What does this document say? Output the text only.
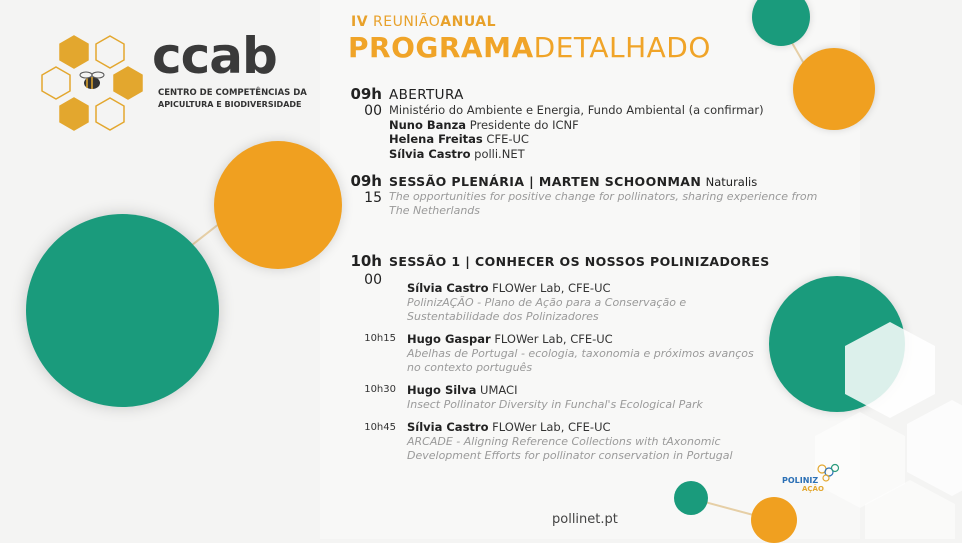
ccab
CENTRO DE COMPETÊNCIAS DA
APICULTURA E BIODIVERSIDADE
IV REUNIÃOANUAL
PROGRAMADETALHADO
09h
00
ABERTURA
Ministério do Ambiente e Energia, Fundo Ambiental (a confirmar)
Nuno Banza Presidente do ICNF
Helena Freitas CFE-UC
Sílvia Castro polli.NET
09h
15
SESSÃO PLENÁRIA | MARTEN SCHOONMAN Naturalis
The opportunities for positive change for pollinators, sharing experience from The Netherlands
10h
00
SESSÃO 1 | CONHECER OS NOSSOS POLINIZADORES
Sílvia Castro FLOWer Lab, CFE-UC
PolinizAÇÃO - Plano de Ação para a Conservação e Sustentabilidade dos Polinizadores
10h15 Hugo Gaspar FLOWer Lab, CFE-UC
Abelhas de Portugal - ecologia, taxonomia e próximos avanços no contexto português
10h30 Hugo Silva UMACI
Insect Pollinator Diversity in Funchal's Ecological Park
10h45 Sílvia Castro FLOWer Lab, CFE-UC
ARCADE - Aligning Reference Collections with tAxonomic Development Efforts for pollinator conservation in Portugal
POLINIZ
AÇÃO
pollinet.pt
